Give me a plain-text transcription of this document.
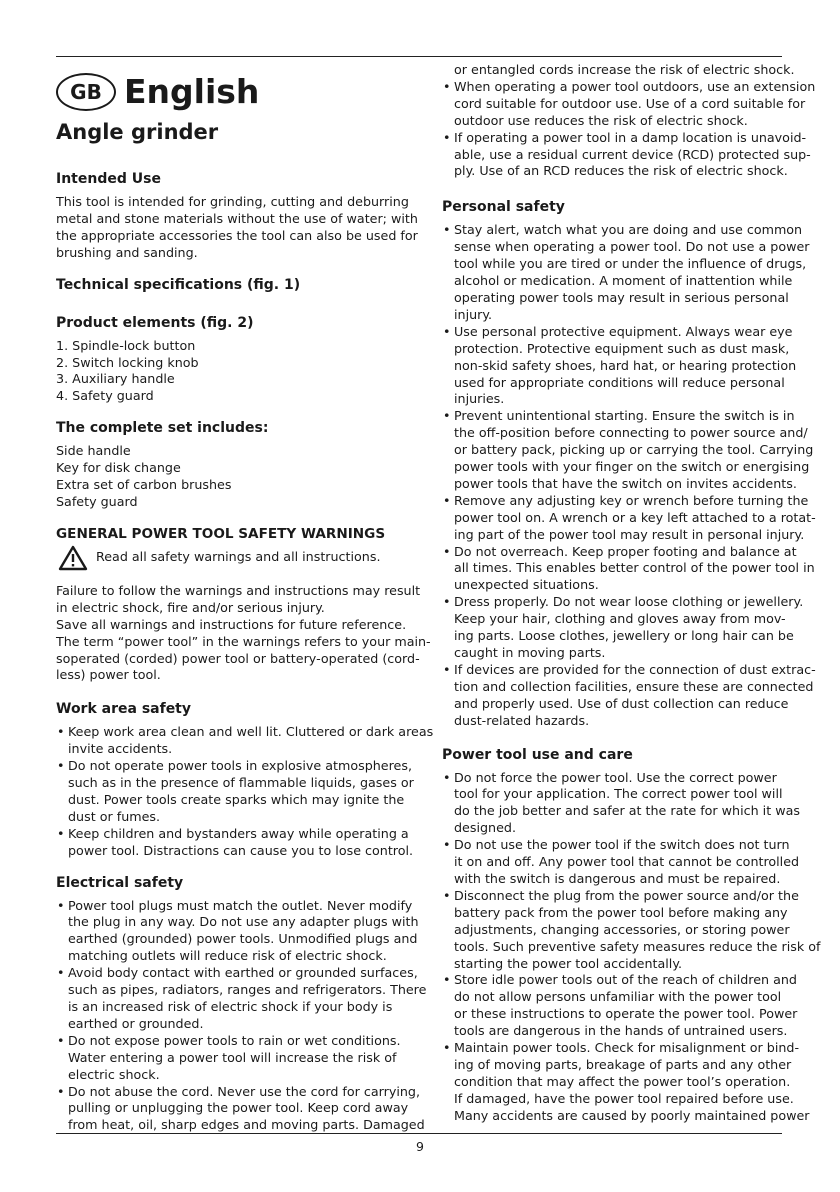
GB English
Angle grinder
Intended Use
This tool is intended for grinding, cutting and deburring
metal and stone materials without the use of water; with
the appropriate accessories the tool can also be used for
brushing and sanding.
Technical specifications (fig. 1)
Product elements (fig. 2)
1. Spindle-lock button
2. Switch locking knob
3. Auxiliary handle
4. Safety guard
The complete set includes:
Side handle
Key for disk change
Extra set of carbon brushes
Safety guard
GENERAL POWER TOOL SAFETY WARNINGS
Read all safety warnings and all instructions.
Failure to follow the warnings and instructions may result
in electric shock, fire and/or serious injury.
Save all warnings and instructions for future reference.
The term “power tool” in the warnings refers to your main-
soperated (corded) power tool or battery-operated (cord-
less) power tool.
Work area safety
• Keep work area clean and well lit. Cluttered or dark areas
invite accidents.
• Do not operate power tools in explosive atmospheres,
such as in the presence of flammable liquids, gases or
dust. Power tools create sparks which may ignite the
dust or fumes.
• Keep children and bystanders away while operating a
power tool. Distractions can cause you to lose control.
Electrical safety
• Power tool plugs must match the outlet. Never modify
the plug in any way. Do not use any adapter plugs with
earthed (grounded) power tools. Unmodified plugs and
matching outlets will reduce risk of electric shock.
• Avoid body contact with earthed or grounded surfaces,
such as pipes, radiators, ranges and refrigerators. There
is an increased risk of electric shock if your body is
earthed or grounded.
• Do not expose power tools to rain or wet conditions.
Water entering a power tool will increase the risk of
electric shock.
• Do not abuse the cord. Never use the cord for carrying,
pulling or unplugging the power tool. Keep cord away
from heat, oil, sharp edges and moving parts. Damaged
or entangled cords increase the risk of electric shock.
• When operating a power tool outdoors, use an extension
cord suitable for outdoor use. Use of a cord suitable for
outdoor use reduces the risk of electric shock.
• If operating a power tool in a damp location is unavoid-
able, use a residual current device (RCD) protected sup-
ply. Use of an RCD reduces the risk of electric shock.
Personal safety
• Stay alert, watch what you are doing and use common
sense when operating a power tool. Do not use a power
tool while you are tired or under the influence of drugs,
alcohol or medication. A moment of inattention while
operating power tools may result in serious personal
injury.
• Use personal protective equipment. Always wear eye
protection. Protective equipment such as dust mask,
non-skid safety shoes, hard hat, or hearing protection
used for appropriate conditions will reduce personal
injuries.
• Prevent unintentional starting. Ensure the switch is in
the off-position before connecting to power source and/
or battery pack, picking up or carrying the tool. Carrying
power tools with your finger on the switch or energising
power tools that have the switch on invites accidents.
• Remove any adjusting key or wrench before turning the
power tool on. A wrench or a key left attached to a rotat-
ing part of the power tool may result in personal injury.
• Do not overreach. Keep proper footing and balance at
all times. This enables better control of the power tool in
unexpected situations.
• Dress properly. Do not wear loose clothing or jewellery.
Keep your hair, clothing and gloves away from mov-
ing parts. Loose clothes, jewellery or long hair can be
caught in moving parts.
• If devices are provided for the connection of dust extrac-
tion and collection facilities, ensure these are connected
and properly used. Use of dust collection can reduce
dust-related hazards.
Power tool use and care
• Do not force the power tool. Use the correct power
tool for your application. The correct power tool will
do the job better and safer at the rate for which it was
designed.
• Do not use the power tool if the switch does not turn
it on and off. Any power tool that cannot be controlled
with the switch is dangerous and must be repaired.
• Disconnect the plug from the power source and/or the
battery pack from the power tool before making any
adjustments, changing accessories, or storing power
tools. Such preventive safety measures reduce the risk of
starting the power tool accidentally.
• Store idle power tools out of the reach of children and
do not allow persons unfamiliar with the power tool
or these instructions to operate the power tool. Power
tools are dangerous in the hands of untrained users.
• Maintain power tools. Check for misalignment or bind-
ing of moving parts, breakage of parts and any other
condition that may affect the power tool’s operation.
If damaged, have the power tool repaired before use.
Many accidents are caused by poorly maintained power
9
